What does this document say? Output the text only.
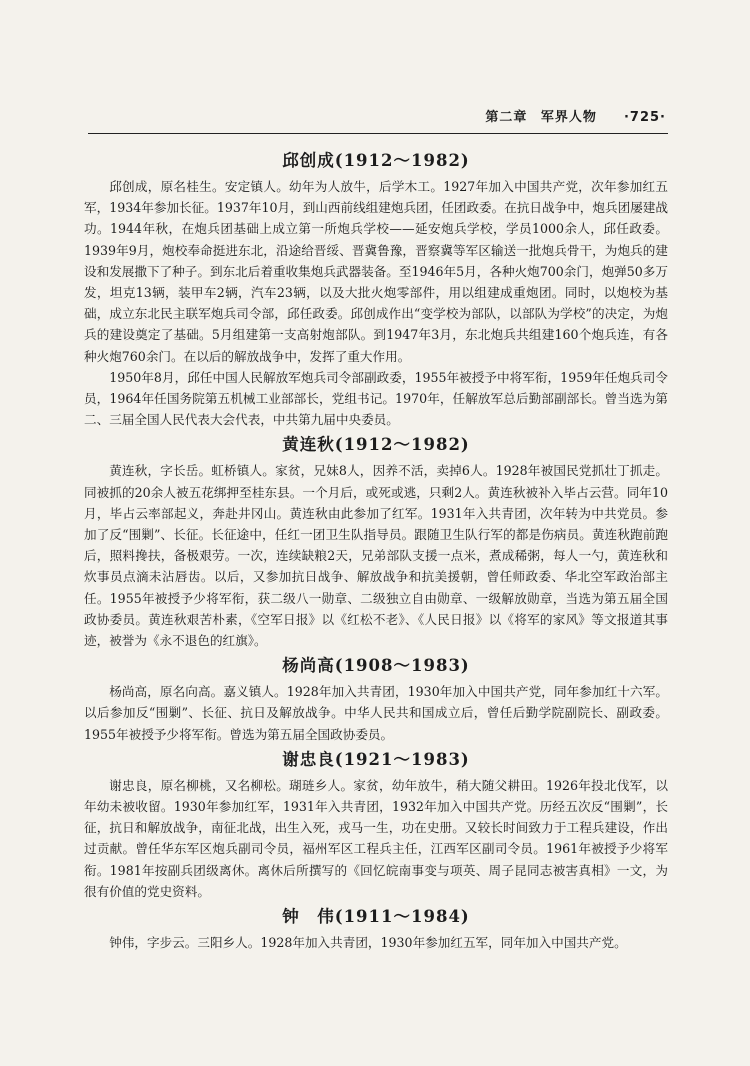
第二章 军界人物 ·725·
邱创成(1912～1982)

邱创成，原名桂生。安定镇人。幼年为人放牛，后学木工。1927年加入中国共产党，次年参加红五军，1934年参加长征。1937年10月，到山西前线组建炮兵团，任团政委。在抗日战争中，炮兵团屡建战功。1944年秋，在炮兵团基础上成立第一所炮兵学校——延安炮兵学校，学员1000余人，邱任政委。1939年9月，炮校奉命挺进东北，沿途给晋绥、晋冀鲁豫，晋察冀等军区输送一批炮兵骨干，为炮兵的建设和发展撒下了种子。到东北后着重收集炮兵武器装备。至1946年5月，各种火炮700余门，炮弹50多万发，坦克13辆，装甲车2辆，汽车23辆，以及大批火炮零部件，用以组建成重炮团。同时，以炮校为基础，成立东北民主联军炮兵司令部，邱任政委。邱创成作出“变学校为部队，以部队为学校”的决定，为炮兵的建设奠定了基础。5月组建第一支高射炮部队。到1947年3月，东北炮兵共组建160个炮兵连，有各种火炮760余门。在以后的解放战争中，发挥了重大作用。

1950年8月，邱任中国人民解放军炮兵司令部副政委，1955年被授予中将军衔，1959年任炮兵司令员，1964年任国务院第五机械工业部部长，党组书记。1970年，任解放军总后勤部副部长。曾当选为第二、三届全国人民代表大会代表，中共第九届中央委员。

黄连秋(1912～1982)

黄连秋，字长岳。虹桥镇人。家贫，兄妹8人，因养不活，卖掉6人。1928年被国民党抓壮丁抓走。同被抓的20余人被五花绑押至桂东县。一个月后，或死或逃，只剩2人。黄连秋被补入毕占云营。同年10月，毕占云率部起义，奔赴井冈山。黄连秋由此参加了红军。1931年入共青团，次年转为中共党员。参加了反“围剿”、长征。长征途中，任红一团卫生队指导员。跟随卫生队行军的都是伤病员。黄连秋跑前跑后，照料搀扶，备极艰劳。一次，连续缺粮2天，兄弟部队支援一点米，煮成稀粥，每人一勺，黄连秋和炊事员点滴未沾唇齿。以后，又参加抗日战争、解放战争和抗美援朝，曾任师政委、华北空军政治部主任。1955年被授予少将军衔，获二级八一勋章、二级独立自由勋章、一级解放勋章，当选为第五届全国政协委员。黄连秋艰苦朴素，《空军日报》以《红松不老》、《人民日报》以《将军的家风》等文报道其事迹，被誉为《永不退色的红旗》。

杨尚高(1908～1983)

杨尚高，原名向高。嘉义镇人。1928年加入共青团，1930年加入中国共产党，同年参加红十六军。以后参加反“围剿”、长征、抗日及解放战争。中华人民共和国成立后，曾任后勤学院副院长、副政委。1955年被授予少将军衔。曾选为第五届全国政协委员。

谢忠良(1921～1983)

谢忠良，原名柳桃，又名柳松。瑚琏乡人。家贫，幼年放牛，稍大随父耕田。1926年投北伐军，以年幼未被收留。1930年参加红军，1931年入共青团，1932年加入中国共产党。历经五次反“围剿”，长征，抗日和解放战争，南征北战，出生入死，戎马一生，功在史册。又较长时间致力于工程兵建设，作出过贡献。曾任华东军区炮兵副司令员，福州军区工程兵主任，江西军区副司令员。1961年被授予少将军衔。1981年按副兵团级离休。离休后所撰写的《回忆皖南事变与项英、周子昆同志被害真相》一文，为很有价值的党史资料。

钟　伟(1911～1984)

钟伟，字步云。三阳乡人。1928年加入共青团，1930年参加红五军，同年加入中国共产党。
